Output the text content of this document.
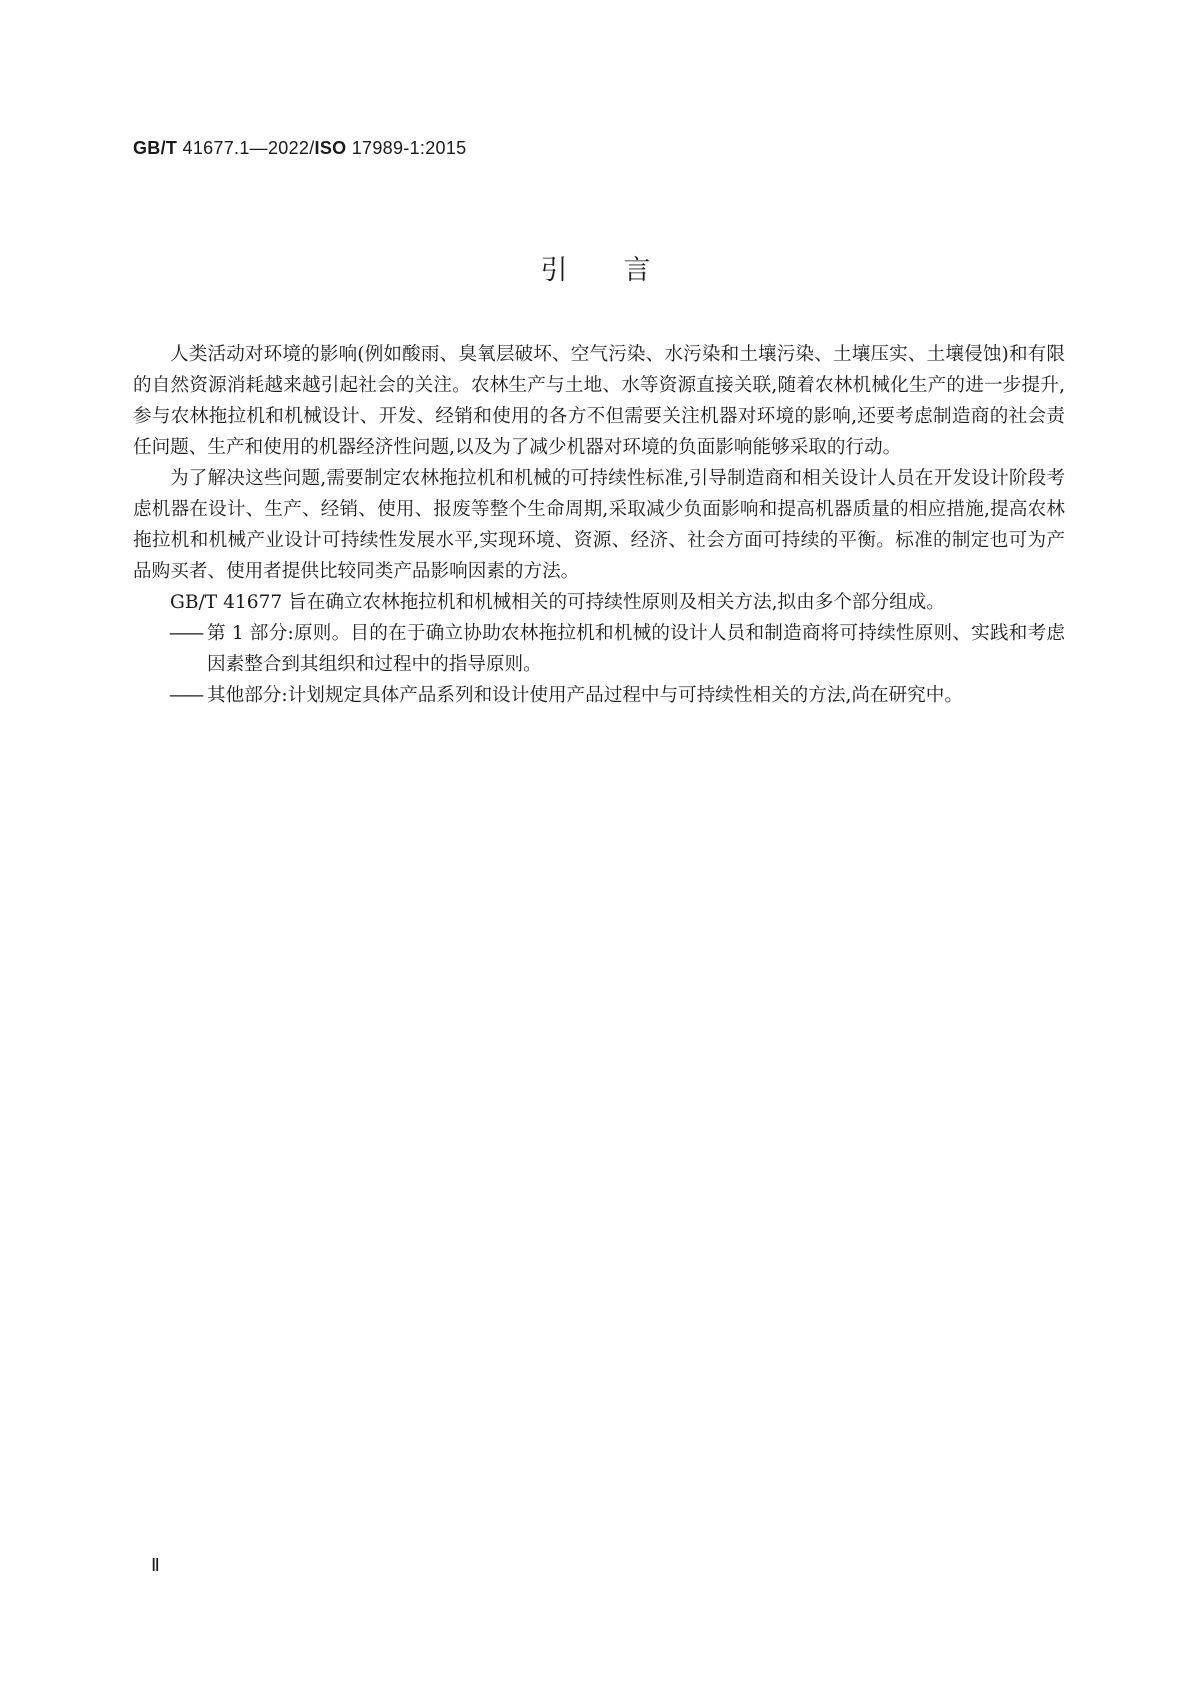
GB/T 41677.1—2022/ISO 17989-1:2015
引言

人类活动对环境的影响(例如酸雨、臭氧层破坏、空气污染、水污染和土壤污染、土壤压实、土壤侵蚀)和有限的自然资源消耗越来越引起社会的关注。农林生产与土地、水等资源直接关联,随着农林机械化生产的进一步提升,参与农林拖拉机和机械设计、开发、经销和使用的各方不但需要关注机器对环境的影响,还要考虑制造商的社会责任问题、生产和使用的机器经济性问题,以及为了减少机器对环境的负面影响能够采取的行动。

为了解决这些问题,需要制定农林拖拉机和机械的可持续性标准,引导制造商和相关设计人员在开发设计阶段考虑机器在设计、生产、经销、使用、报废等整个生命周期,采取减少负面影响和提高机器质量的相应措施,提高农林拖拉机和机械产业设计可持续性发展水平,实现环境、资源、经济、社会方面可持续的平衡。标准的制定也可为产品购买者、使用者提供比较同类产品影响因素的方法。

GB/T 41677 旨在确立农林拖拉机和机械相关的可持续性原则及相关方法,拟由多个部分组成。

—— 第 1 部分:原则。目的在于确立协助农林拖拉机和机械的设计人员和制造商将可持续性原则、实践和考虑因素整合到其组织和过程中的指导原则。

—— 其他部分:计划规定具体产品系列和设计使用产品过程中与可持续性相关的方法,尚在研究中。

Ⅱ
